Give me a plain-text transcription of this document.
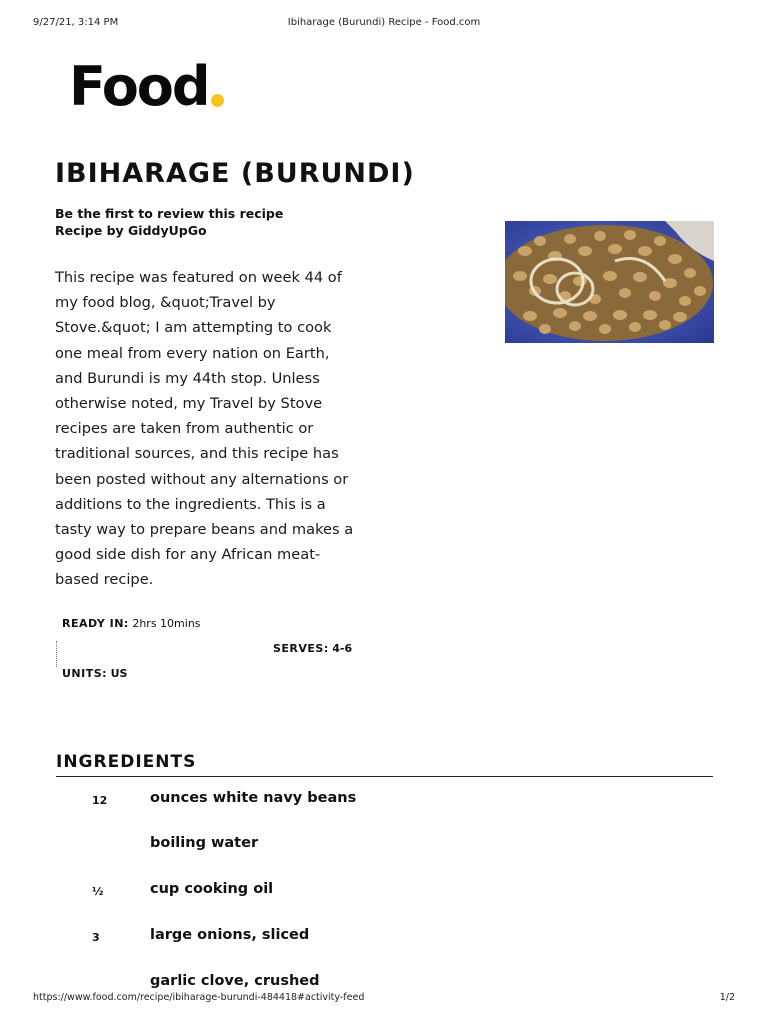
9/27/21, 3:14 PM	Ibiharage (Burundi) Recipe - Food.com
Food
IBIHARAGE (BURUNDI)
Be the first to review this recipe
Recipe by GiddyUpGo

This recipe was featured on week 44 of my food blog, &quot;Travel by Stove.&quot; I am attempting to cook one meal from every nation on Earth, and Burundi is my 44th stop. Unless otherwise noted, my Travel by Stove recipes are taken from authentic or traditional sources, and this recipe has been posted without any alternations or additions to the ingredients. This is a tasty way to prepare beans and makes a good side dish for any African meat-based recipe.

READY IN: 2hrs 10mins
SERVES: 4-6
UNITS: US
INGREDIENTS
12	ounces white navy beans
boiling water
½	cup cooking oil
3	large onions, sliced
garlic clove, crushed
https://www.food.com/recipe/ibiharage-burundi-484418#activity-feed	1/2
